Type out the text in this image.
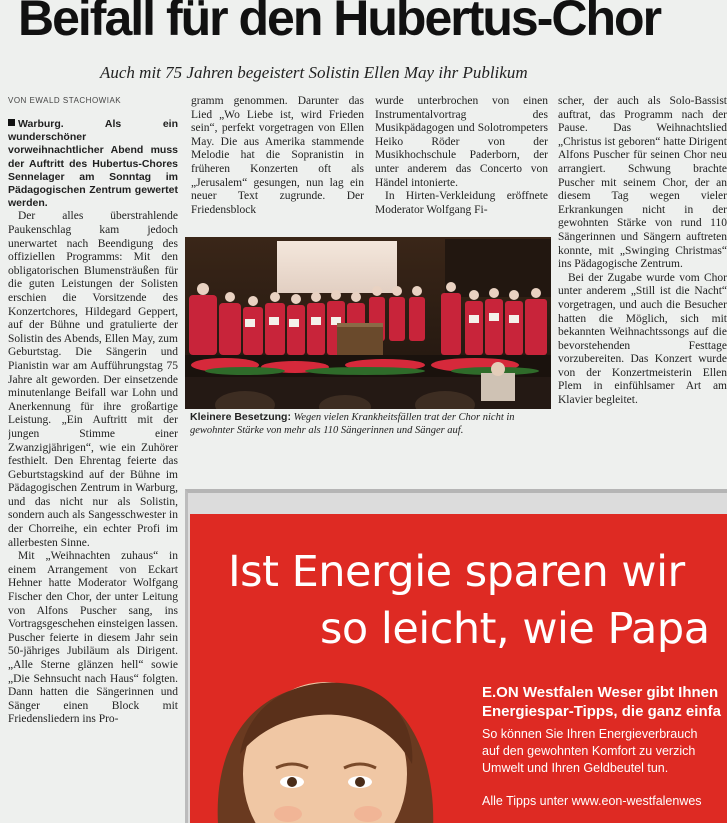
Beifall für den Hubertus-Chor
Auch mit 75 Jahren begeistert Solistin Ellen May ihr Publikum
VON EWALD STACHOWIAK

Warburg. Als ein wunderschöner vorweihnachtlicher Abend muss der Auftritt des Hubertus-Chores Sennelager am Sonntag im Pädagogischen Zentrum gewertet werden.

Der alles überstrahlende Paukenschlag kam jedoch unerwartet nach Beendigung des offiziellen Programms: Mit den obligatorischen Blumensträußen für die guten Leistungen der Solisten erschien die Vorsitzende des Konzertchores, Hildegard Geppert, auf der Bühne und gratulierte der Solistin des Abends, Ellen May, zum Geburtstag. Die Sängerin und Pianistin war am Aufführungstag 75 Jahre alt geworden. Der einsetzende minutenlange Beifall war Lohn und Anerkennung für ihre großartige Leistung. „Ein Auftritt mit der jungen Stimme einer Zwanzigjährigen“, wie ein Zuhörer festhielt. Den Ehrentag feierte das Geburtstagskind auf der Bühne im Pädagogischen Zentrum in Warburg, und das nicht nur als Solistin, sondern auch als Sangesschwester in der Chorreihe, ein echter Profi im allerbesten Sinne.

Mit „Weihnachten zuhaus“ in einem Arrangement von Eckart Hehner hatte Moderator Wolfgang Fischer den Chor, der unter Leitung von Alfons Puscher sang, ins Vortragsgeschehen einsteigen lassen. Puscher feierte in diesem Jahr sein 50-jähriges Jubiläum als Dirigent. „Alle Sterne glänzen hell“ sowie „Die Sehnsucht nach Haus“ folgten. Dann hatten die Sängerinnen und Sänger einen Block mit Friedensliedern ins Pro-

gramm genommen. Darunter das Lied „Wo Liebe ist, wird Frieden sein“, perfekt vorgetragen von Ellen May. Die aus Amerika stammende Melodie hat die Sopranistin in früheren Konzerten oft als „Jerusalem“ gesungen, nun lag ein neuer Text zugrunde. Der Friedensblock

wurde unterbrochen von einen Instrumentalvortrag des Musikpädagogen und Solotrompeters Heiko Röder von der Musikhochschule Paderborn, der unter anderem das Concerto von Händel intonierte.

In Hirten-Verkleidung eröffnete Moderator Wolfgang Fi-

scher, der auch als Solo-Bassist auftrat, das Programm nach der Pause. Das Weihnachtslied „Christus ist geboren“ hatte Dirigent Alfons Puscher für seinen Chor neu arrangiert. Schwung brachte Puscher mit seinem Chor, der an diesem Tag wegen vieler Erkrankungen nicht in der gewohnten Stärke von rund 110 Sängerinnen und Sängern auftreten konnte, mit „Swinging Christmas“ ins Pädagogische Zentrum.

Bei der Zugabe wurde vom Chor unter anderem „Still ist die Nacht“ vorgetragen, und auch die Besucher hatten die Möglich, sich mit bekannten Weihnachtssongs auf die bevorstehenden Festtage vorzubereiten. Das Konzert wurde von der Konzertmeisterin Ellen Plem in einfühlsamer Art am Klavier begleitet.

Kleinere Besetzung: Wegen vielen Krankheitsfällen trat der Chor nicht in gewohnter Stärke von mehr als 110 Sängerinnen und Sänger auf.
Ist Energie sparen wir
so leicht, wie Papa
E.ON Westfalen Weser gibt Ihnen
Energiespar-Tipps, die ganz einfa
So können Sie Ihren Energieverbrauch
auf den gewohnten Komfort zu verzich
Umwelt und Ihren Geldbeutel tun.
Alle Tipps unter www.eon-westfalenwes
